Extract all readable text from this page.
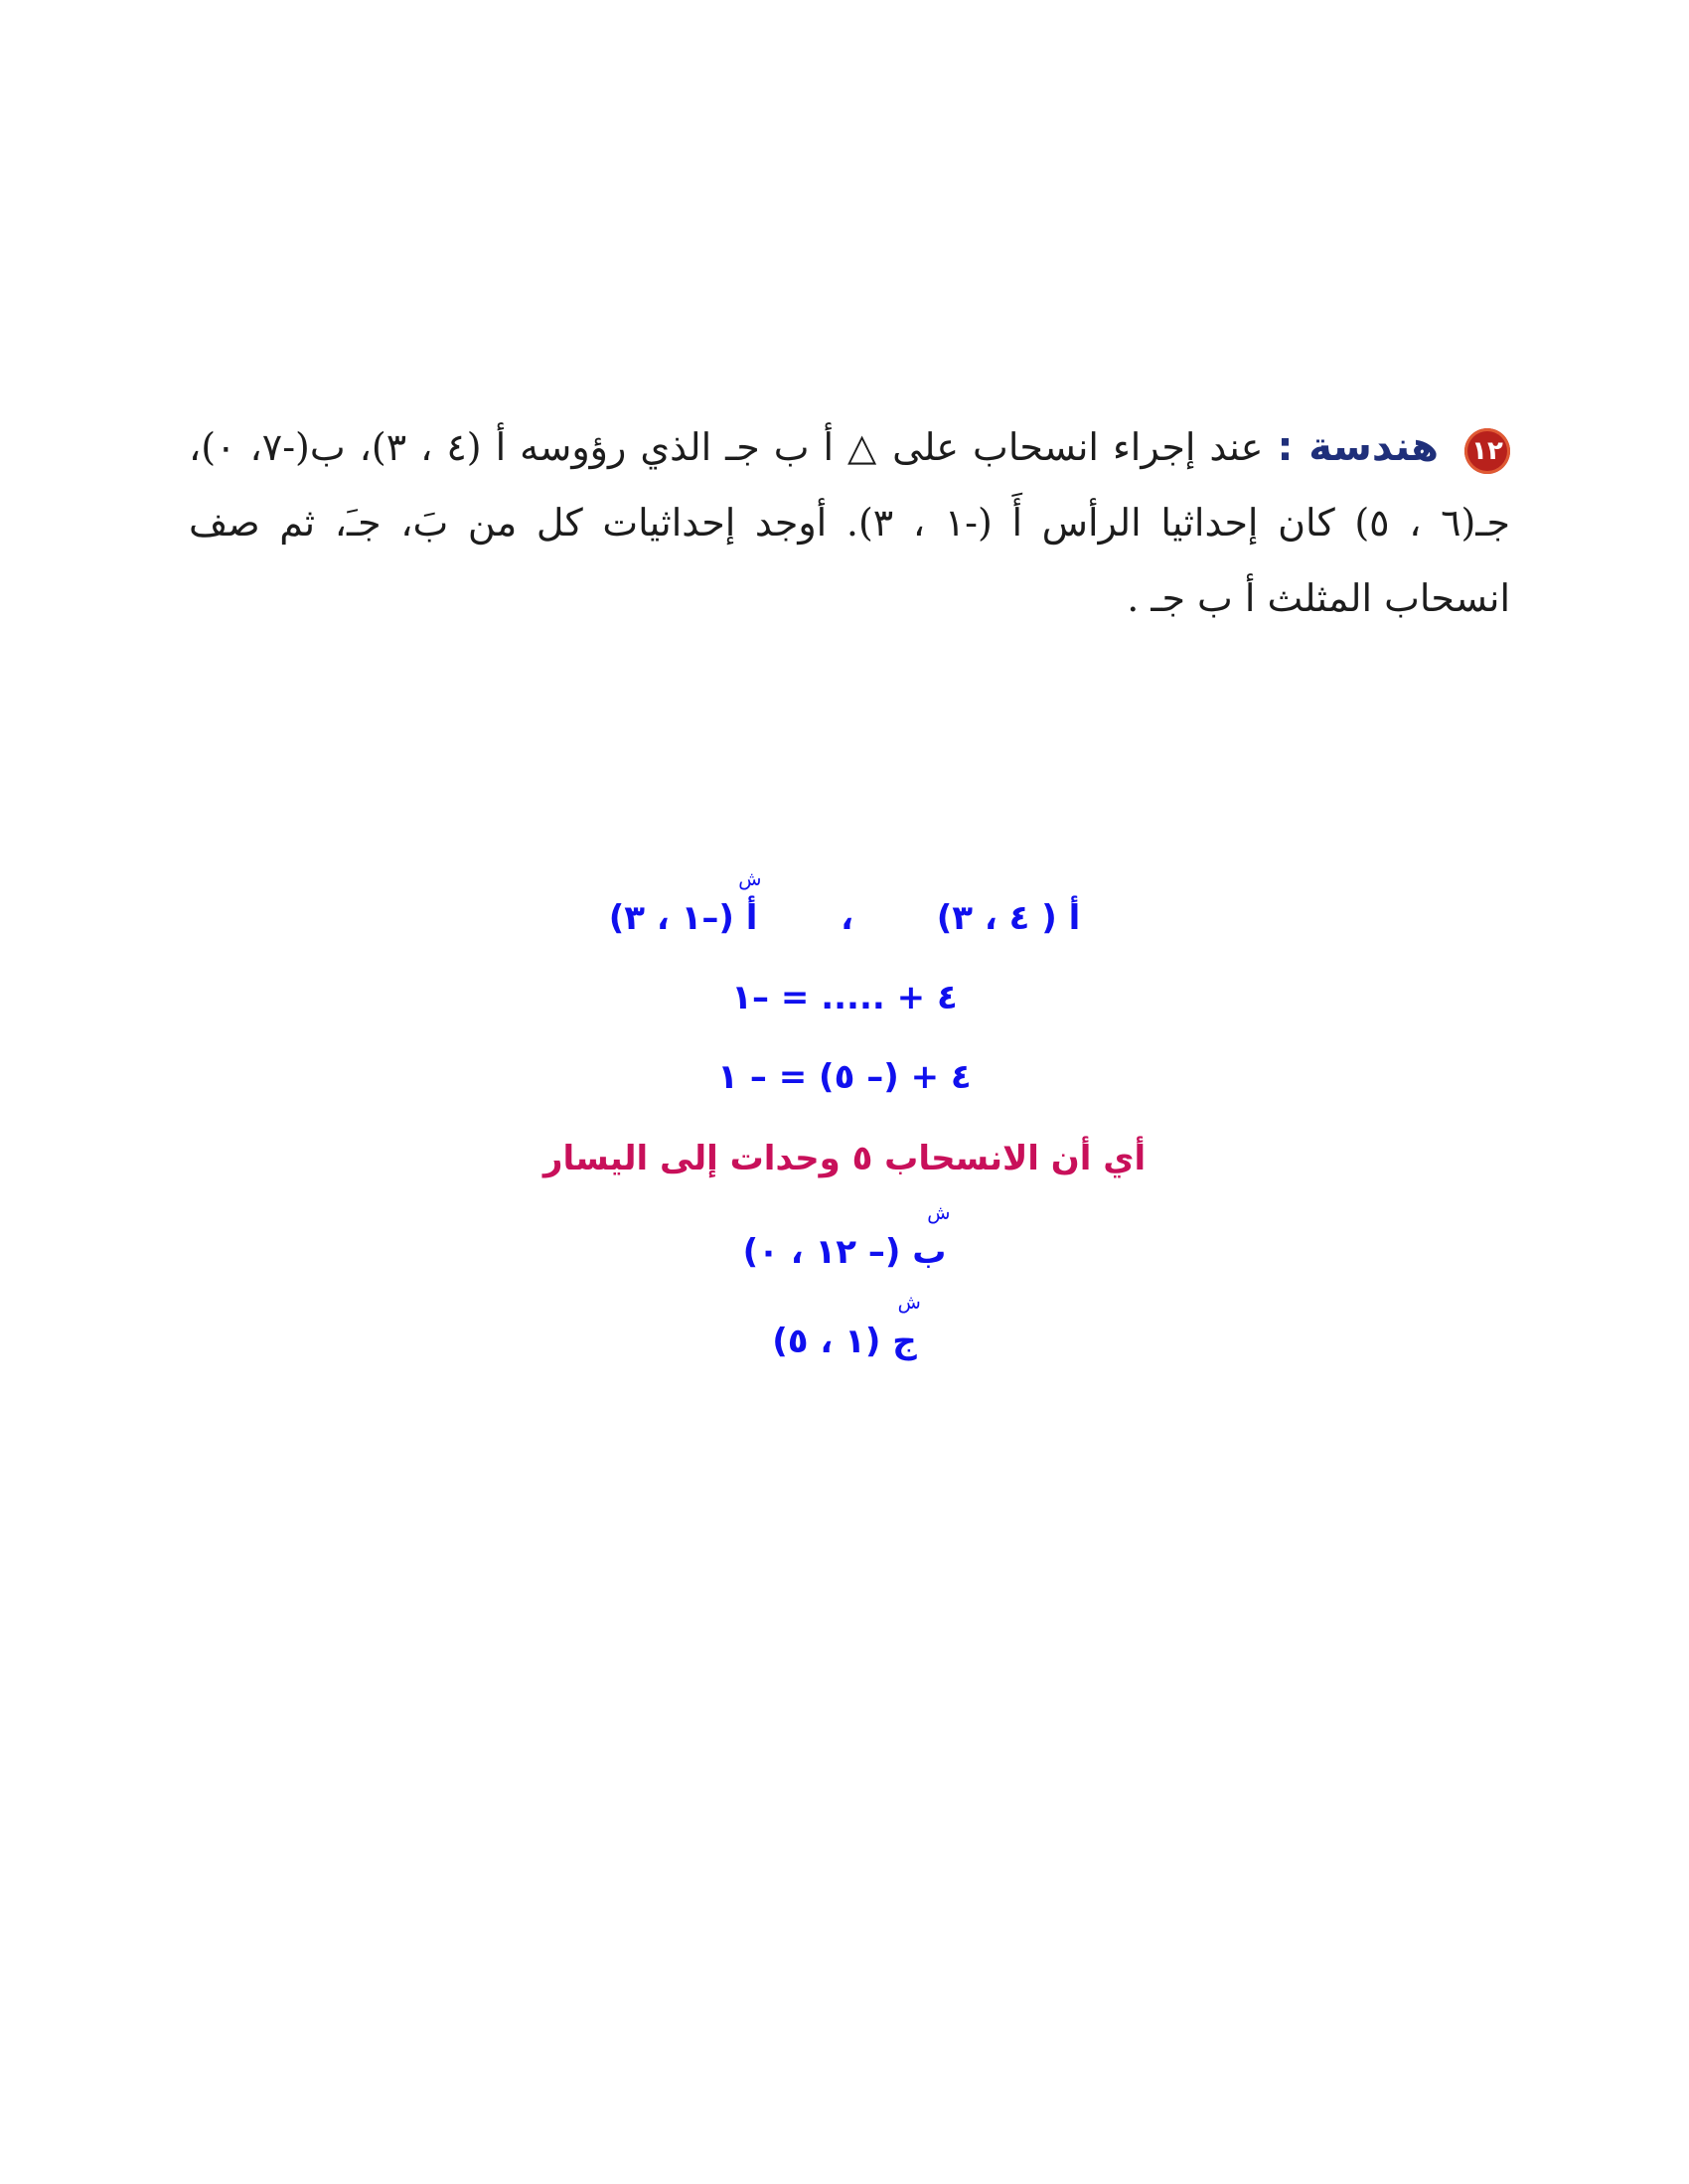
١٢ هندسة : عند إجراء انسحاب على △ أ ب جـ الذي رؤوسه أ (٤ ، ٣)، ب(-٧، ٠)، جـ(٦ ، ٥) كان إحداثيا الرأس أَ (-١ ، ٣). أوجد إحداثيات كل من بَ، جـَ، ثم صف انسحاب المثلث أ ب جـ .
أ ( ٤ ، ٣)  ،  أ
ش
(–١ ، ٣)
٤ + ..... = –١
٤ + (– ٥) = – ١
أي أن الانسحاب ٥ وحدات إلى اليسار
ب
ش
(– ١٢ ، ٠)
ج
ش
(١ ، ٥)
